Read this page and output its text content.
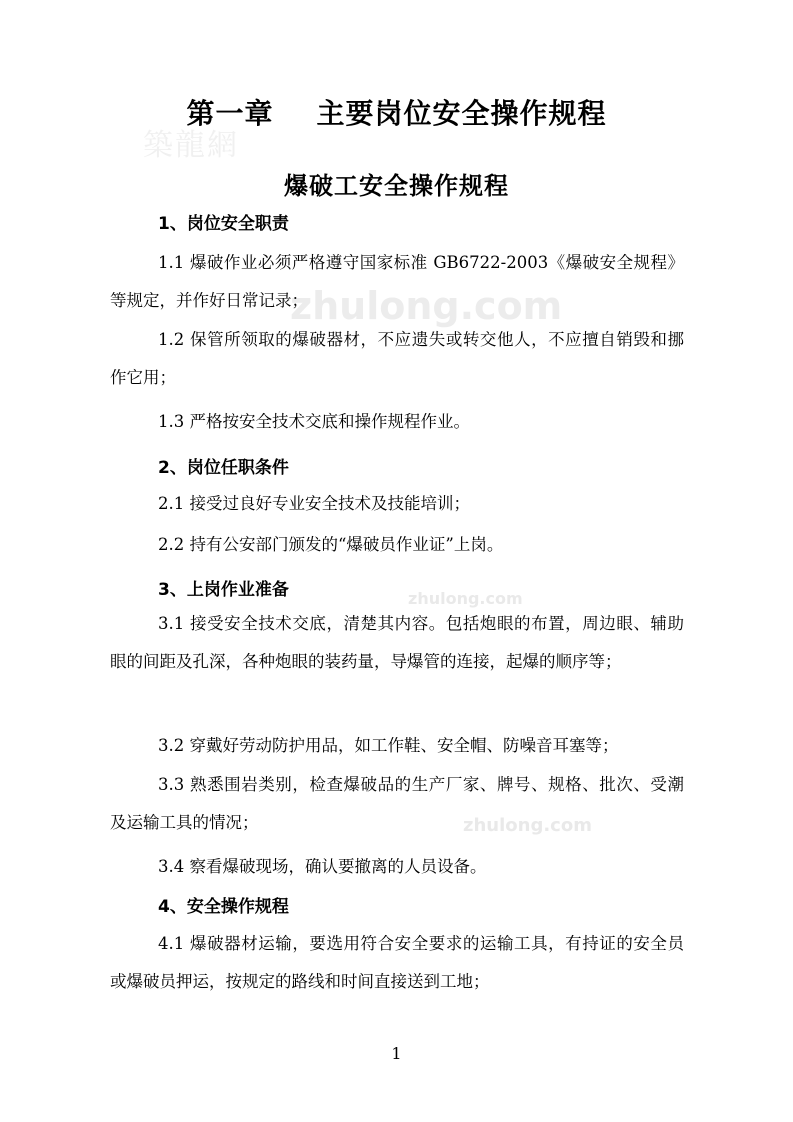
築龍網
zhulong.com
zhulong.com
zhulong.com
第一章    主要岗位安全操作规程
爆破工安全操作规程
1、岗位安全职责
1.1 爆破作业必须严格遵守国家标准 GB6722-2003《爆破安全规程》等规定，并作好日常记录；
1.2 保管所领取的爆破器材，不应遗失或转交他人，不应擅自销毁和挪作它用；
1.3 严格按安全技术交底和操作规程作业。
2、岗位任职条件
2.1 接受过良好专业安全技术及技能培训；
2.2 持有公安部门颁发的“爆破员作业证”上岗。
3、上岗作业准备
3.1 接受安全技术交底，清楚其内容。包括炮眼的布置，周边眼、辅助眼的间距及孔深，各种炮眼的装药量，导爆管的连接，起爆的顺序等；
3.2 穿戴好劳动防护用品，如工作鞋、安全帽、防噪音耳塞等；
3.3 熟悉围岩类别，检查爆破品的生产厂家、牌号、规格、批次、受潮及运输工具的情况；
3.4 察看爆破现场，确认要撤离的人员设备。
4、安全操作规程
4.1 爆破器材运输，要选用符合安全要求的运输工具，有持证的安全员或爆破员押运，按规定的路线和时间直接送到工地；
1
